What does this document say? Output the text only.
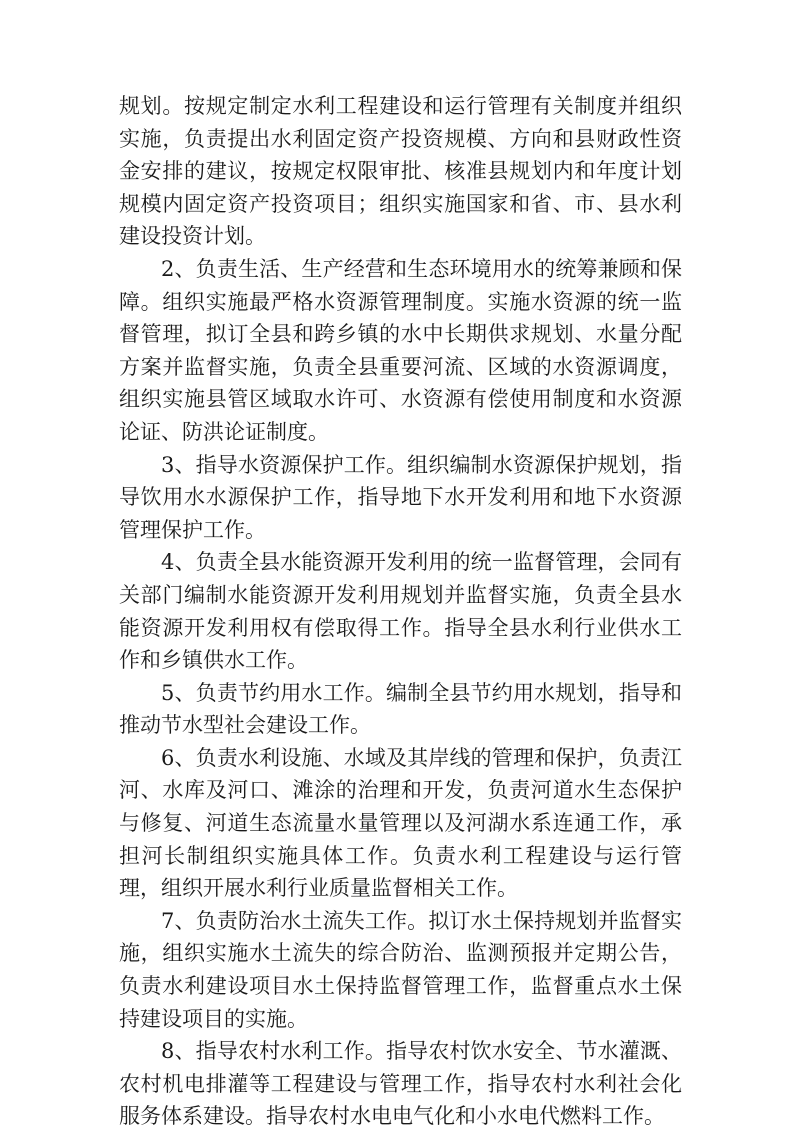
规划。按规定制定水利工程建设和运行管理有关制度并组织实施，负责提出水利固定资产投资规模、方向和县财政性资金安排的建议，按规定权限审批、核准县规划内和年度计划规模内固定资产投资项目；组织实施国家和省、市、县水利建设投资计划。

2、负责生活、生产经营和生态环境用水的统筹兼顾和保障。组织实施最严格水资源管理制度。实施水资源的统一监督管理，拟订全县和跨乡镇的水中长期供求规划、水量分配方案并监督实施，负责全县重要河流、区域的水资源调度，组织实施县管区域取水许可、水资源有偿使用制度和水资源论证、防洪论证制度。

3、指导水资源保护工作。组织编制水资源保护规划，指导饮用水水源保护工作，指导地下水开发利用和地下水资源管理保护工作。

4、负责全县水能资源开发利用的统一监督管理，会同有关部门编制水能资源开发利用规划并监督实施，负责全县水能资源开发利用权有偿取得工作。指导全县水利行业供水工作和乡镇供水工作。

5、负责节约用水工作。编制全县节约用水规划，指导和推动节水型社会建设工作。

6、负责水利设施、水域及其岸线的管理和保护，负责江河、水库及河口、滩涂的治理和开发，负责河道水生态保护与修复、河道生态流量水量管理以及河湖水系连通工作，承担河长制组织实施具体工作。负责水利工程建设与运行管理，组织开展水利行业质量监督相关工作。

7、负责防治水土流失工作。拟订水土保持规划并监督实施，组织实施水土流失的综合防治、监测预报并定期公告，负责水利建设项目水土保持监督管理工作，监督重点水土保持建设项目的实施。

8、指导农村水利工作。指导农村饮水安全、节水灌溉、农村机电排灌等工程建设与管理工作，指导农村水利社会化服务体系建设。指导农村水电电气化和小水电代燃料工作。
